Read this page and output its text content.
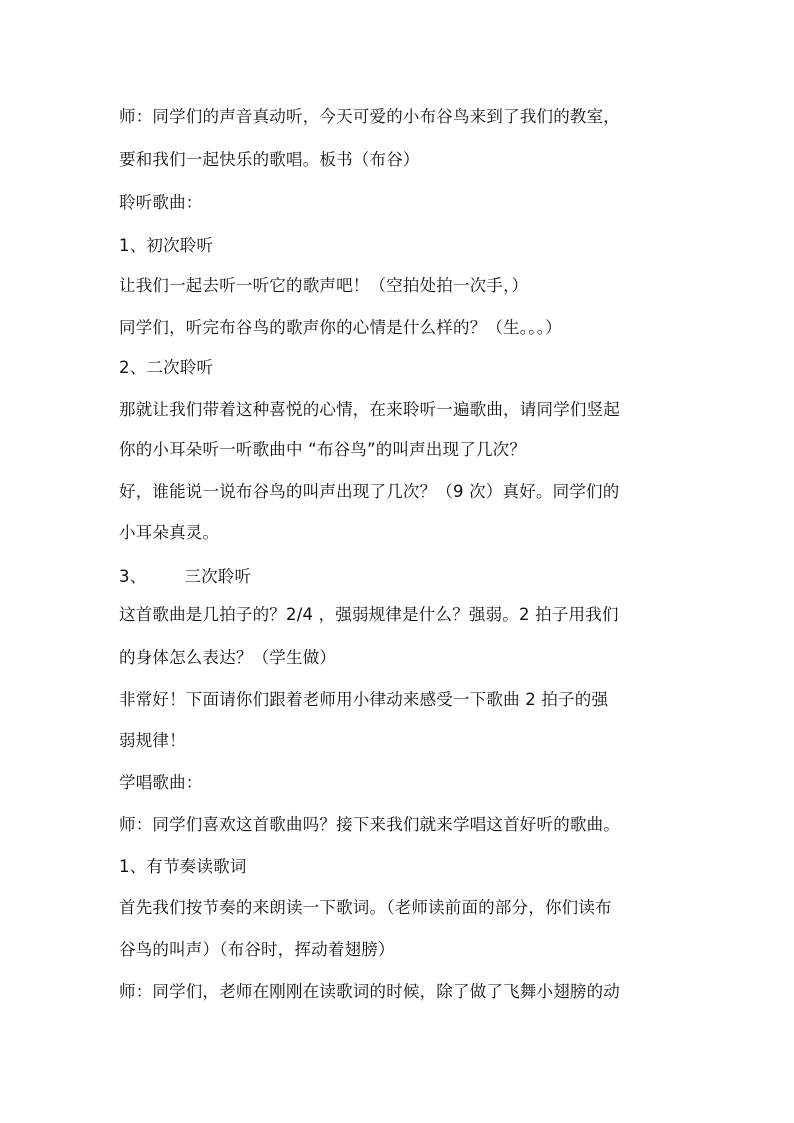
师：同学们的声音真动听，今天可爱的小布谷鸟来到了我们的教室，
要和我们一起快乐的歌唱。板书（布谷）
聆听歌曲：
1、初次聆听
让我们一起去听一听它的歌声吧！（空拍处拍一次手，）
同学们，听完布谷鸟的歌声你的心情是什么样的？（生。。。）
2、二次聆听
那就让我们带着这种喜悦的心情，在来聆听一遍歌曲，请同学们竖起
你的小耳朵听一听歌曲中 “布谷鸟”的叫声出现了几次？
好，谁能说一说布谷鸟的叫声出现了几次？（9 次）真好。同学们的
小耳朵真灵。
3、 三次聆听
这首歌曲是几拍子的？2/4 ，强弱规律是什么？强弱。2 拍子用我们
的身体怎么表达？（学生做）
非常好！下面请你们跟着老师用小律动来感受一下歌曲 2 拍子的强
弱规律！
学唱歌曲：
师：同学们喜欢这首歌曲吗？接下来我们就来学唱这首好听的歌曲。
1、有节奏读歌词
首先我们按节奏的来朗读一下歌词。（老师读前面的部分，你们读布
谷鸟的叫声）（布谷时，挥动着翅膀）
师：同学们，老师在刚刚在读歌词的时候，除了做了飞舞小翅膀的动
